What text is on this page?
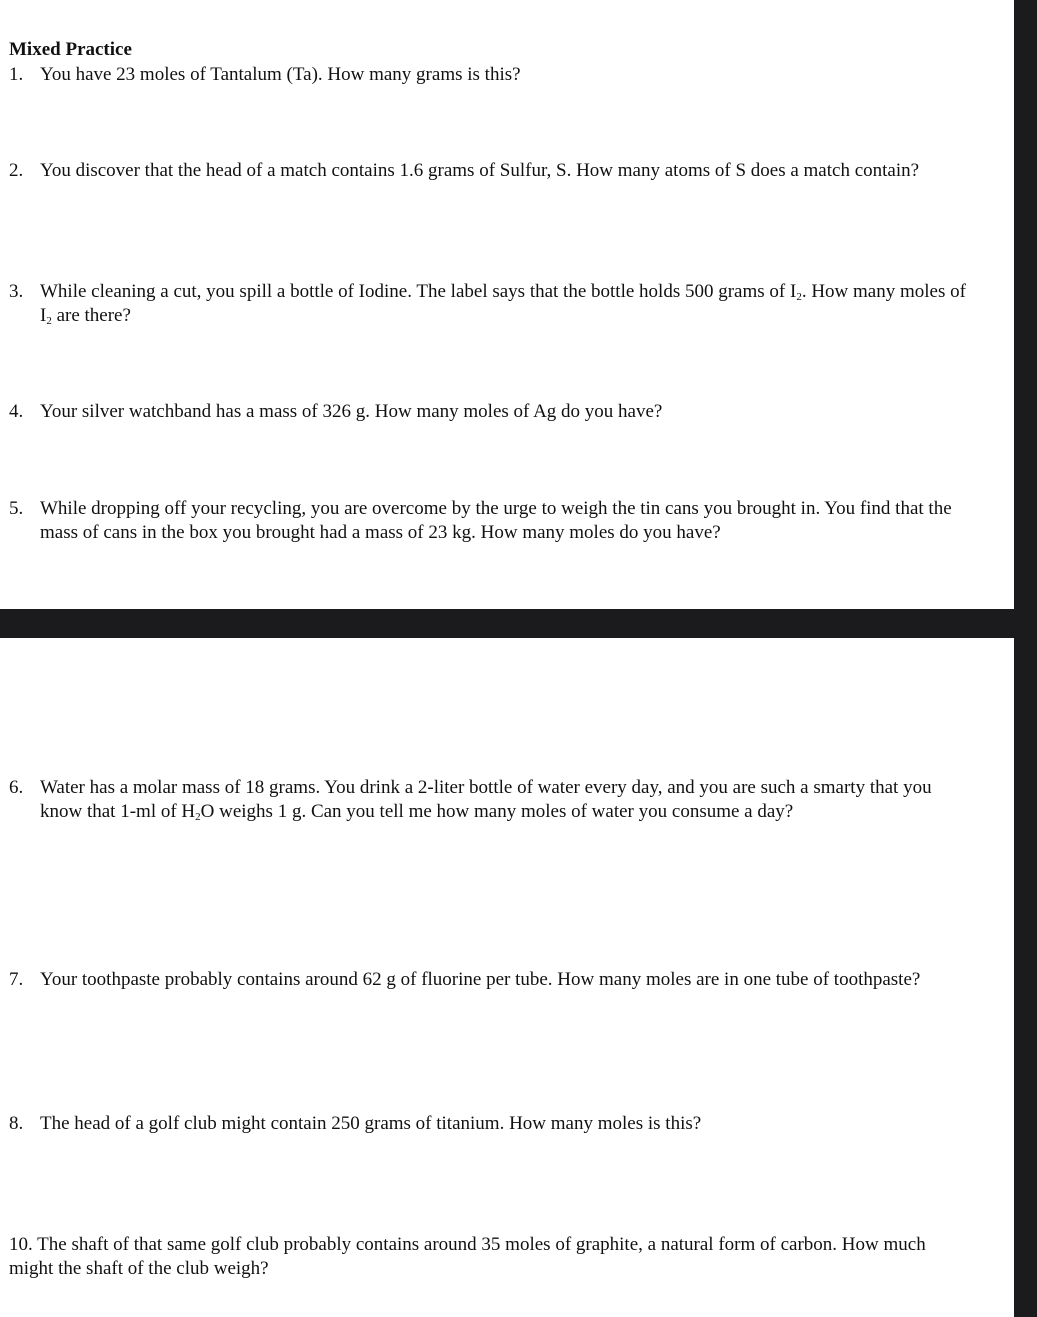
Mixed Practice
1. You have 23 moles of Tantalum (Ta). How many grams is this?
2. You discover that the head of a match contains 1.6 grams of Sulfur, S. How many atoms of S does a match contain?
3. While cleaning a cut, you spill a bottle of Iodine. The label says that the bottle holds 500 grams of $I_2$. How many moles of $I_2$ are there?
4. Your silver watchband has a mass of 326 g. How many moles of Ag do you have?
5. While dropping off your recycling, you are overcome by the urge to weigh the tin cans you brought in. You find that the mass of cans in the box you brought had a mass of 23 kg. How many moles do you have?
6. Water has a molar mass of 18 grams. You drink a 2-liter bottle of water every day, and you are such a smarty that you know that 1-ml of $H_2O$ weighs 1 g. Can you tell me how many moles of water you consume a day?
7. Your toothpaste probably contains around 62 g of fluorine per tube. How many moles are in one tube of toothpaste?
8. The head of a golf club might contain 250 grams of titanium. How many moles is this?
10. The shaft of that same golf club probably contains around 35 moles of graphite, a natural form of carbon. How much might the shaft of the club weigh?
